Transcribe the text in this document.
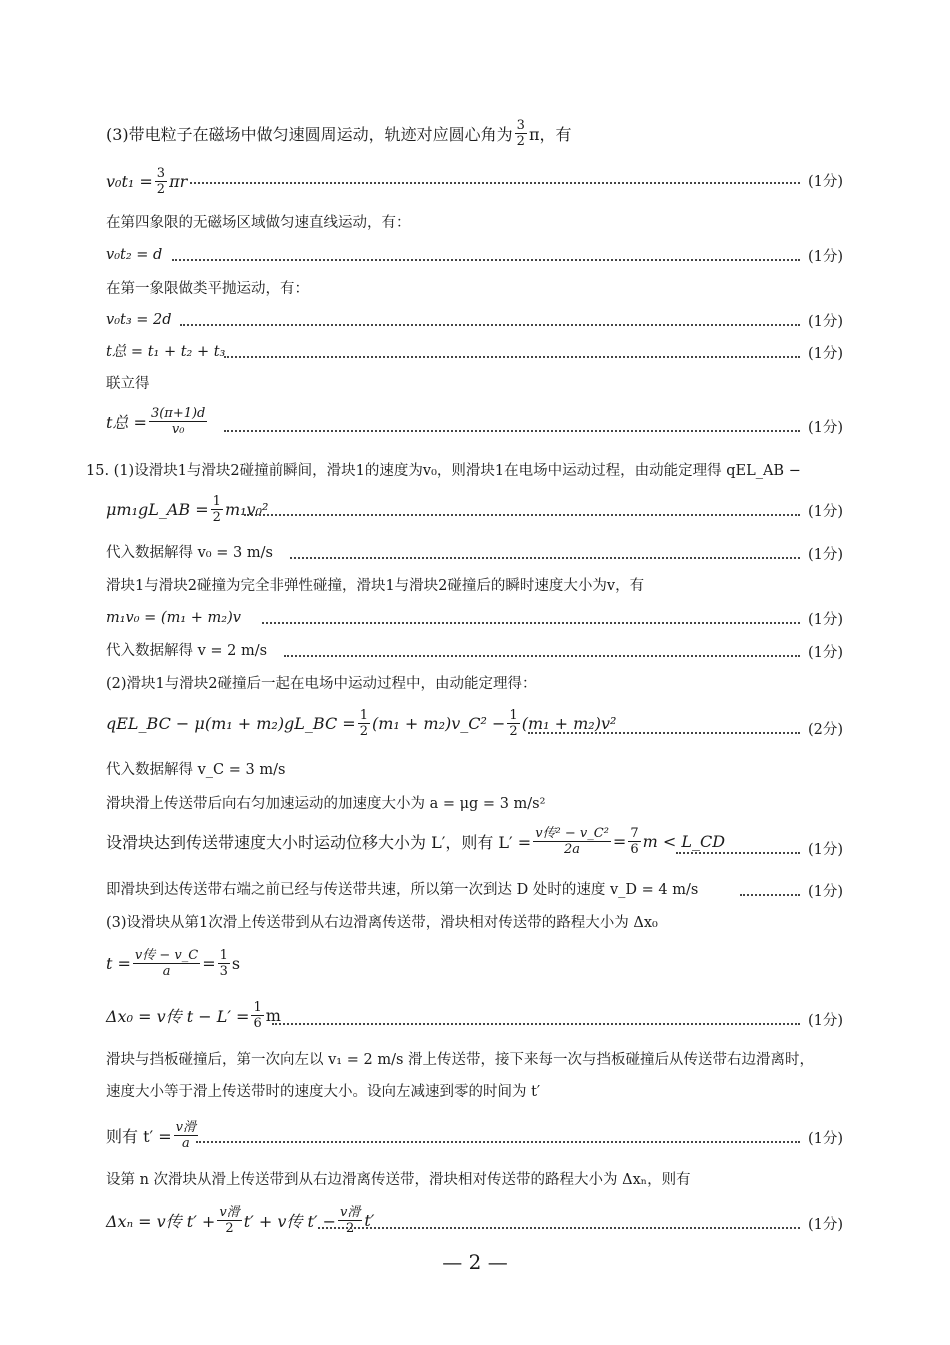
(3)带电粒子在磁场中做匀速圆周运动，轨迹对应圆心角为 $\frac{3}{2}$ π，有
$v_0t_1 = \frac{3}{2}$ πr	(1分)
在第四象限的无磁场区域做匀速直线运动，有：
v₀t₂ = d	(1分)
在第一象限做类平抛运动，有：
v₀t₃ = 2d	(1分)
t总 = t₁ + t₂ + t₃	(1分)
联立得
t总 = $\frac{3(\pi+1)d}{\text{v₀}}$	(1分)
15. (1)设滑块1与滑块2碰撞前瞬间，滑块1的速度为v₀，则滑块1在电场中运动过程，由动能定理得 qEL_AB −
μm₁gL_AB = $\frac{1}{2} m_1v_0^2$	(1分)
代入数据解得 v₀ = 3 m/s	(1分)
滑块1与滑块2碰撞为完全非弹性碰撞，滑块1与滑块2碰撞后的瞬时速度大小为v，有
m₁v₀ = (m₁ + m₂)v	(1分)
代入数据解得 v = 2 m/s	(1分)
(2)滑块1与滑块2碰撞后一起在电场中运动过程中，由动能定理得：
qEL_BC − μ(m₁ + m₂)gL_BC = $\frac{1}{2} (m_1$ + m₂)v_C² − $\frac{1}{2} (m_1 + m_2)v^2$	(2分)
代入数据解得 v_C = 3 m/s
滑块滑上传送带后向右匀加速运动的加速度大小为 a = μg = 3 m/s²
设滑块达到传送带速度大小时运动位移大小为 L′，则有 $L' = \frac{\text{v传² − v\_C²}}{2a} = \frac{7}{6}$ m < L_CD	(1分)
即滑块到达传送带右端之前已经与传送带共速，所以第一次到达 D 处时的速度 v_D = 4 m/s	(1分)
(3)设滑块从第1次滑上传送带到从右边滑离传送带，滑块相对传送带的路程大小为 Δx₀
$t = \frac{\text{v传 − v\_C}}{a} = \frac{1}{3}$ s
Δx₀ = v传 $t - L' = \frac{1}{6}$ m	(1分)
滑块与挡板碰撞后，第一次向左以 v₁ = 2 m/s 滑上传送带，接下来每一次与挡板碰撞后从传送带右边滑离时，
速度大小等于滑上传送带时的速度大小。设向左减速到零的时间为 t′
则有 $t' = \frac{\text{v滑}}{a}$	(1分)
设第 n 次滑块从滑上传送带到从右边滑离传送带，滑块相对传送带的路程大小为 Δxₙ，则有
Δxₙ = v传 $t' + \frac{\text{v滑}}{2} t' + v$传 $t' - \frac{\text{v滑}}{2} t'$	(1分)
— 2 —
